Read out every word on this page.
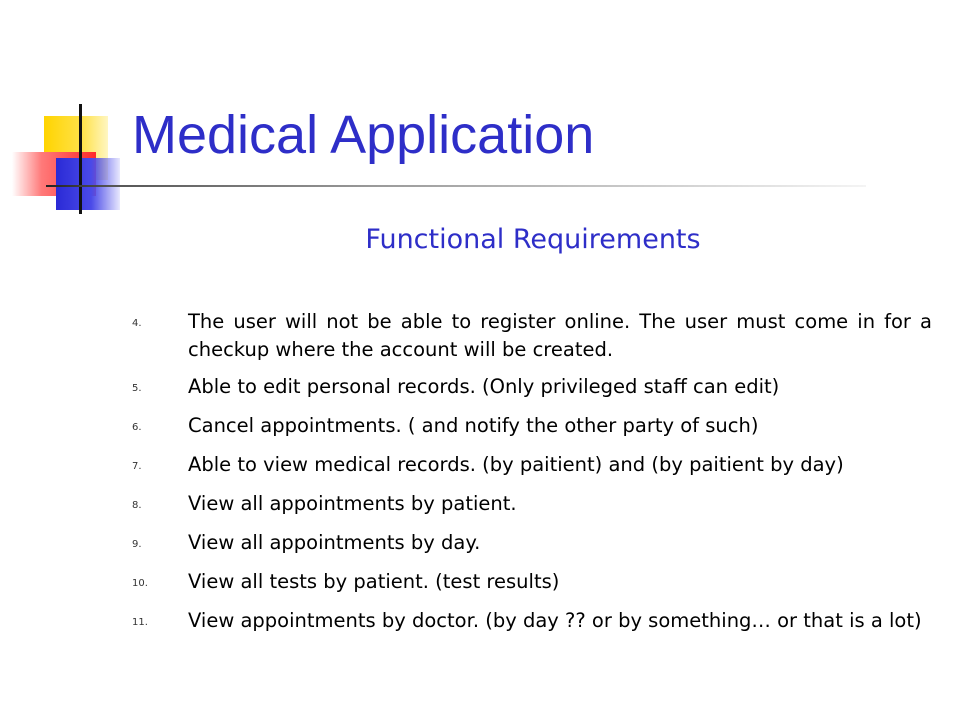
Medical Application
Functional Requirements
4.	The user will not be able to register online. The user must come in for a checkup where the account will be created.
5.	Able to edit personal records. (Only privileged staff can edit)
6.	Cancel appointments. ( and notify the other party of such)
7.	Able to view medical records. (by paitient) and (by paitient by day)
8.	View all appointments by patient.
9.	View all appointments by day.
10.	View all tests by patient. (test results)
11.	View appointments by doctor. (by day ?? or by something… or that is a lot)
